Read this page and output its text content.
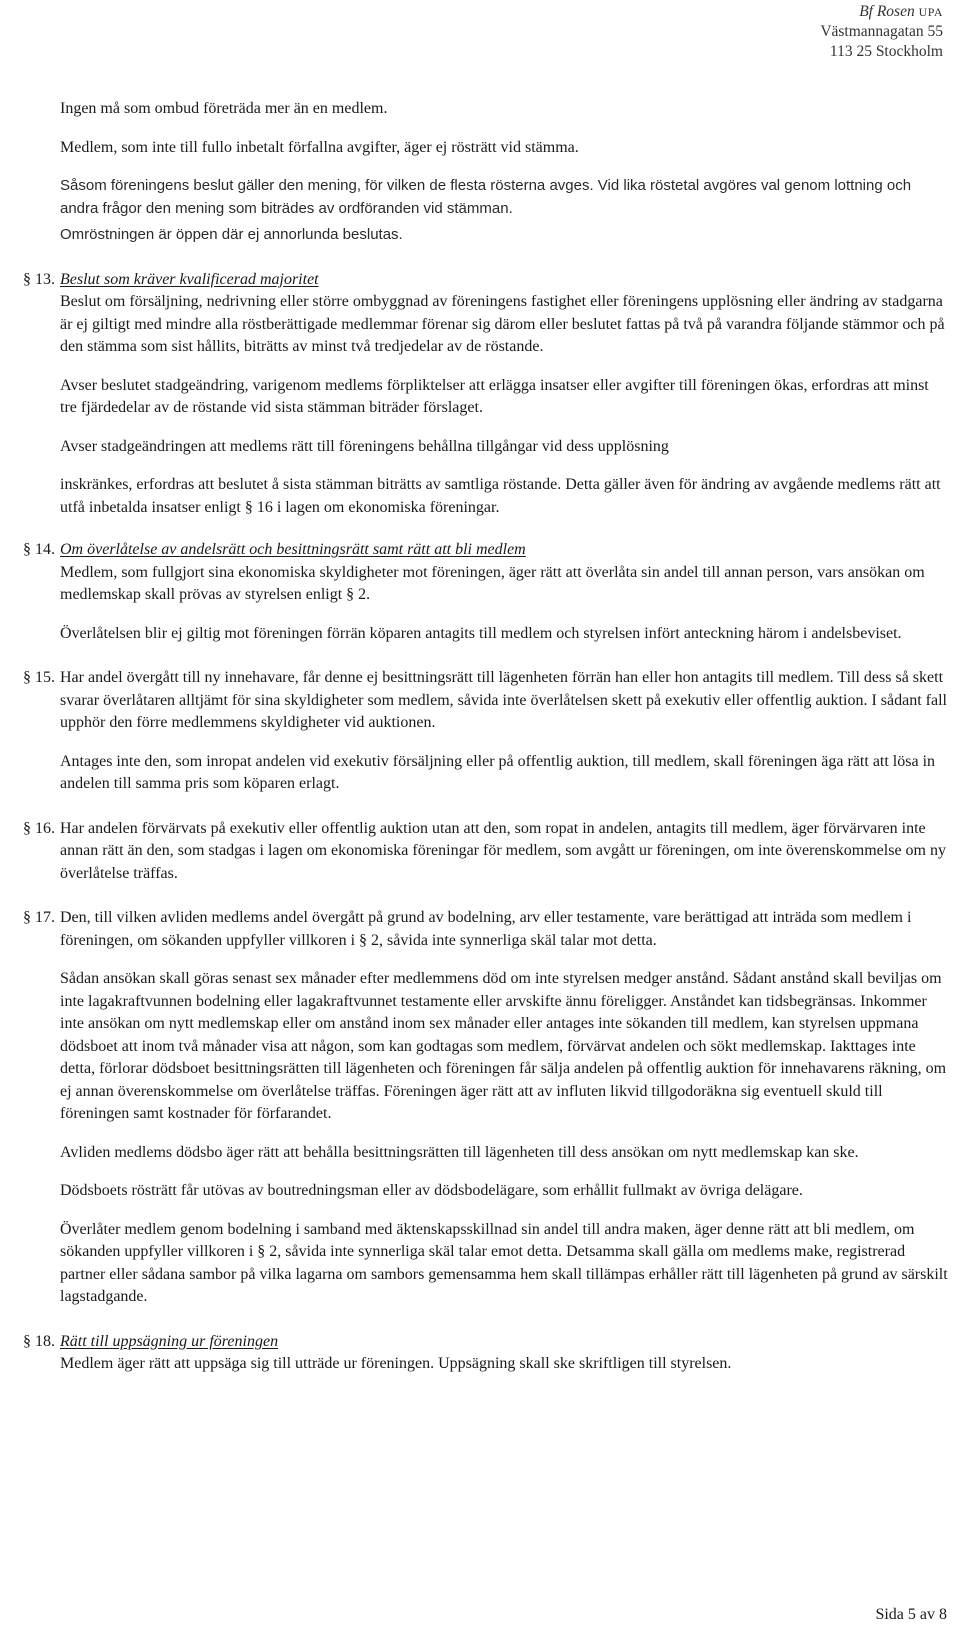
Bf Rosen UPA
Västmannagatan 55
113 25 Stockholm

Ingen må som ombud företräda mer än en medlem.

Medlem, som inte till fullo inbetalt förfallna avgifter, äger ej rösträtt vid stämma.

Såsom föreningens beslut gäller den mening, för vilken de flesta rösterna avges. Vid lika röstetal avgöres val genom lottning och andra frågor den mening som biträdes av ordföranden vid stämman.

Omröstningen är öppen där ej annorlunda beslutas.

§ 13. Beslut som kräver kvalificerad majoritet
Beslut om försäljning, nedrivning eller större ombyggnad av föreningens fastighet eller föreningens upplösning eller ändring av stadgarna är ej giltigt med mindre alla röstberättigade medlemmar förenar sig därom eller beslutet fattas på två på varandra följande stämmor och på den stämma som sist hållits, biträtts av minst två tredjedelar av de röstande.
Avser beslutet stadgeändring, varigenom medlems förpliktelser att erlägga insatser eller avgifter till föreningen ökas, erfordras att minst tre fjärdedelar av de röstande vid sista stämman biträder förslaget.
Avser stadgeändringen att medlems rätt till föreningens behållna tillgångar vid dess upplösning
inskränkes, erfordras att beslutet å sista stämman biträtts av samtliga röstande. Detta gäller även för ändring av avgående medlems rätt att utfå inbetalda insatser enligt § 16 i lagen om ekonomiska föreningar.
§ 14. Om överlåtelse av andelsrätt och besittningsrätt samt rätt att bli medlem
Medlem, som fullgjort sina ekonomiska skyldigheter mot föreningen, äger rätt att överlåta sin andel till annan person, vars ansökan om medlemskap skall prövas av styrelsen enligt § 2.
Överlåtelsen blir ej giltig mot föreningen förrän köparen antagits till medlem och styrelsen infört anteckning härom i andelsbeviset.
§ 15. Har andel övergått till ny innehavare, får denne ej besittningsrätt till lägenheten förrän han eller hon antagits till medlem. Till dess så skett svarar överlåtaren alltjämt för sina skyldigheter som medlem, såvida inte överlåtelsen skett på exekutiv eller offentlig auktion. I sådant fall upphör den förre medlemmens skyldigheter vid auktionen.
Antages inte den, som inropat andelen vid exekutiv försäljning eller på offentlig auktion, till medlem, skall föreningen äga rätt att lösa in andelen till samma pris som köparen erlagt.
§ 16. Har andelen förvärvats på exekutiv eller offentlig auktion utan att den, som ropat in andelen, antagits till medlem, äger förvärvaren inte annan rätt än den, som stadgas i lagen om ekonomiska föreningar för medlem, som avgått ur föreningen, om inte överenskommelse om ny överlåtelse träffas.
§ 17. Den, till vilken avliden medlems andel övergått på grund av bodelning, arv eller testamente, vare berättigad att inträda som medlem i föreningen, om sökanden uppfyller villkoren i § 2, såvida inte synnerliga skäl talar mot detta.
Sådan ansökan skall göras senast sex månader efter medlemmens död om inte styrelsen medger anstånd. Sådant anstånd skall beviljas om inte lagakraftvunnen bodelning eller lagakraftvunnet testamente eller arvskifte ännu föreligger. Anståndet kan tidsbegränsas. Inkommer inte ansökan om nytt medlemskap eller om anstånd inom sex månader eller antages inte sökanden till medlem, kan styrelsen uppmana dödsboet att inom två månader visa att någon, som kan godtagas som medlem, förvärvat andelen och sökt medlemskap. Iakttages inte detta, förlorar dödsboet besittningsrätten till lägenheten och föreningen får sälja andelen på offentlig auktion för innehavarens räkning, om ej annan överenskommelse om överlåtelse träffas. Föreningen äger rätt att av influten likvid tillgodoräkna sig eventuell skuld till föreningen samt kostnader för förfarandet.
Avliden medlems dödsbo äger rätt att behålla besittningsrätten till lägenheten till dess ansökan om nytt medlemskap kan ske.
Dödsboets rösträtt får utövas av boutredningsman eller av dödsbodelägare, som erhållit fullmakt av övriga delägare.
Överlåter medlem genom bodelning i samband med äktenskapsskillnad sin andel till andra maken, äger denne rätt att bli medlem, om sökanden uppfyller villkoren i § 2, såvida inte synnerliga skäl talar emot detta. Detsamma skall gälla om medlems make, registrerad partner eller sådana sambor på vilka lagarna om sambors gemensamma hem skall tillämpas erhåller rätt till lägenheten på grund av särskilt lagstadgande.
§ 18. Rätt till uppsägning ur föreningen
Medlem äger rätt att uppsäga sig till utträde ur föreningen. Uppsägning skall ske skriftligen till styrelsen.
Sida 5 av 8
